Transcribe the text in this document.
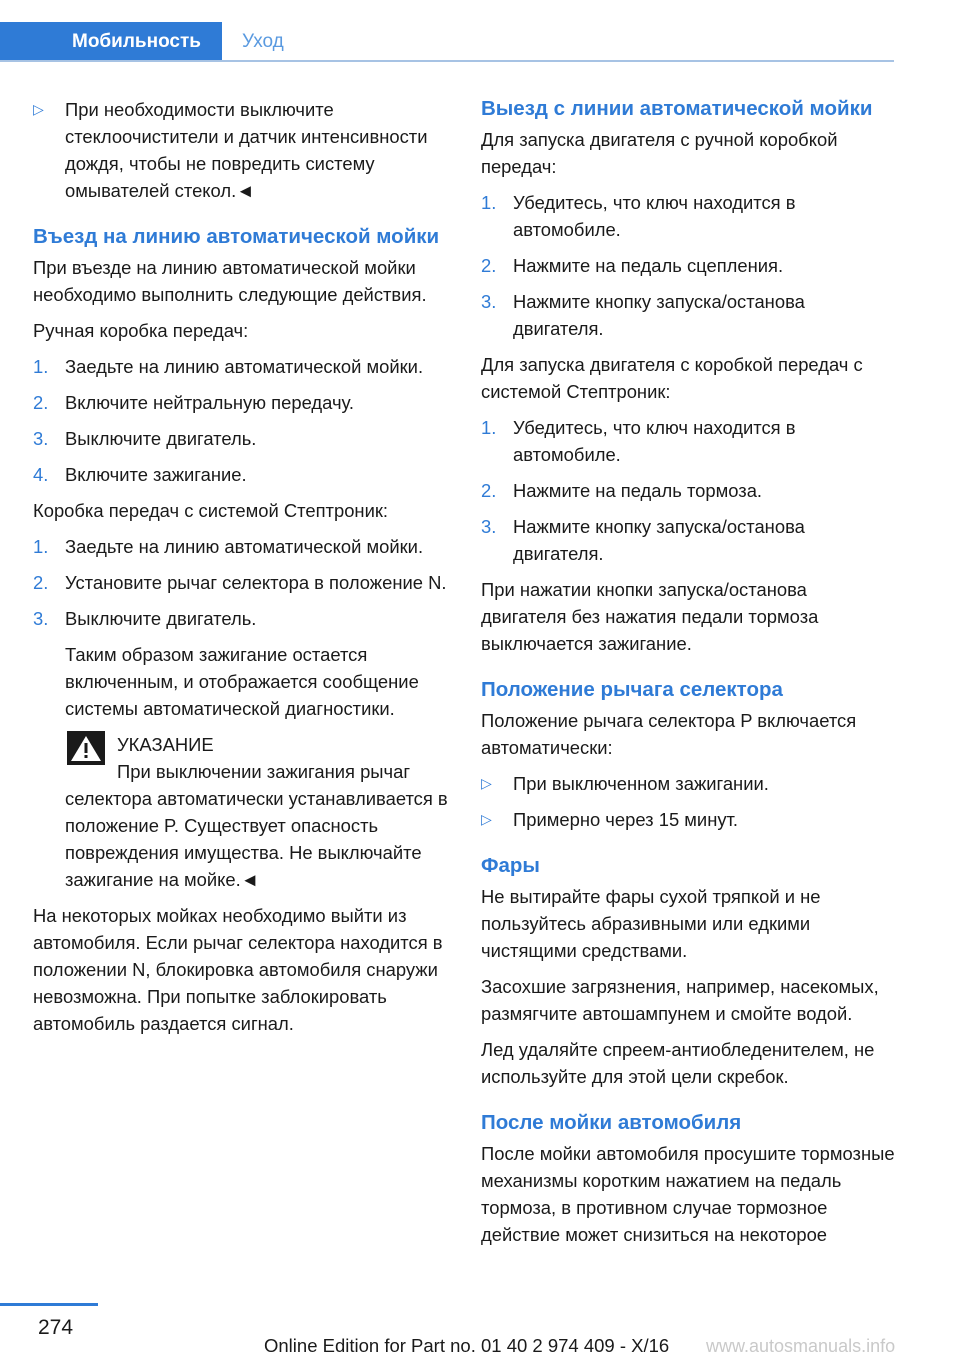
Мобильность	Уход
▷ При необходимости выключите стеклоочистители и датчик интенсивности дождя, чтобы не повредить систему омывателей стекол.◄
Въезд на линию автоматической мойки
При въезде на линию автоматической мойки необходимо выполнить следующие действия.
Ручная коробка передач:
1. Заедьте на линию автоматической мойки.
2. Включите нейтральную передачу.
3. Выключите двигатель.
4. Включите зажигание.
Коробка передач с системой Стептроник:
1. Заедьте на линию автоматической мойки.
2. Установите рычаг селектора в положение N.
3. Выключите двигатель.
Таким образом зажигание остается включенным, и отображается сообщение системы автоматической диагностики.
УКАЗАНИЕ
При выключении зажигания рычаг
селектора автоматически устанавливается в положение P. Существует опасность повреждения имущества. Не выключайте зажигание на мойке.◄
На некоторых мойках необходимо выйти из автомобиля. Если рычаг селектора находится в положении N, блокировка автомобиля снаружи невозможна. При попытке заблокировать автомобиль раздается сигнал.
Выезд с линии автоматической мойки
Для запуска двигателя с ручной коробкой передач:
1. Убедитесь, что ключ находится в автомобиле.
2. Нажмите на педаль сцепления.
3. Нажмите кнопку запуска/останова двигателя.
Для запуска двигателя с коробкой передач с системой Стептроник:
1. Убедитесь, что ключ находится в автомобиле.
2. Нажмите на педаль тормоза.
3. Нажмите кнопку запуска/останова двигателя.
При нажатии кнопки запуска/останова двигателя без нажатия педали тормоза выключается зажигание.
Положение рычага селектора
Положение рычага селектора P включается автоматически:
▷ При выключенном зажигании.
▷ Примерно через 15 минут.
Фары
Не вытирайте фары сухой тряпкой и не пользуйтесь абразивными или едкими чистящими средствами.
Засохшие загрязнения, например, насекомых, размягчите автошампунем и смойте водой.
Лед удаляйте спреем-антиобледенителем, не используйте для этой цели скребок.
После мойки автомобиля
После мойки автомобиля просушите тормозные механизмы коротким нажатием на педаль тормоза, в противном случае тормозное действие может снизиться на некоторое
274
Online Edition for Part no. 01 40 2 974 409 - X/16 www.autosmanuals.info
